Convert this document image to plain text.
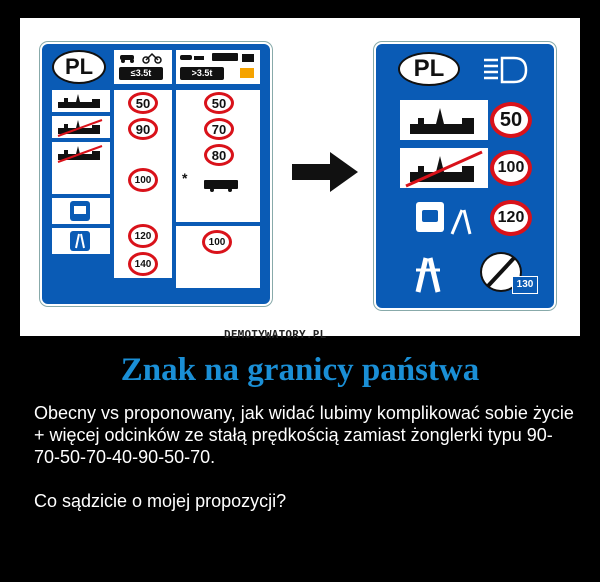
PL	≤3.5t	>3.5t
50
90
100
120
140
50
70
80
*
100
PL
50
100
120
130
DEMOTYWATORY.PL
Znak na granicy państwa
Obecny vs proponowany, jak widać lubimy komplikować sobie życie + więcej odcinków ze stałą prędkością zamiast żonglerki typu 90-70-50-70-40-90-50-70.

Co sądzicie o mojej propozycji?
